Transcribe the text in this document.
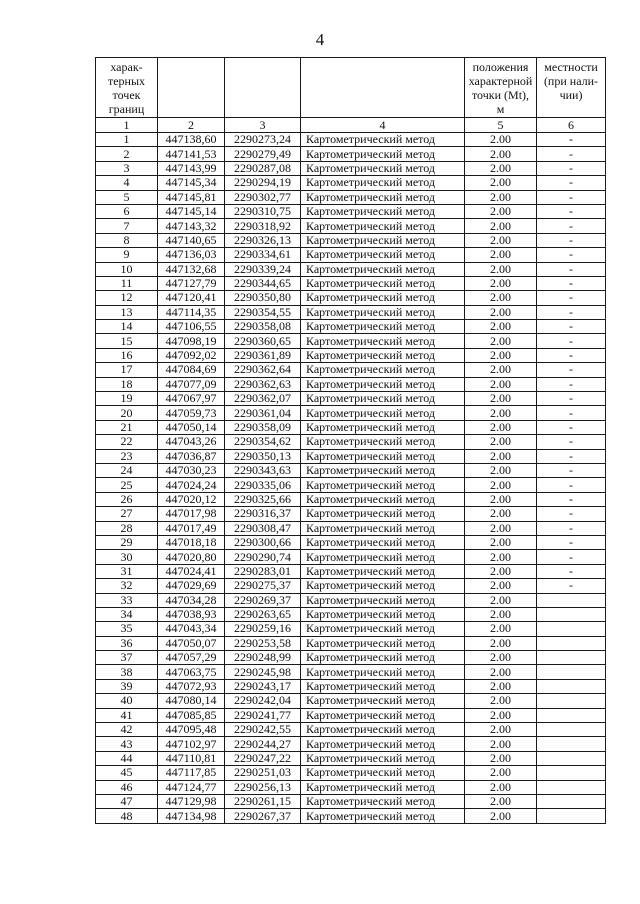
4
харак-терных точек границ				положения характерной точки (Mt), м	местности (при нали-чии)
1	2	3	4	5	6
1	447138,60	2290273,24	Картометрический метод	2.00	-
2	447141,53	2290279,49	Картометрический метод	2.00	-
3	447143,99	2290287,08	Картометрический метод	2.00	-
4	447145,34	2290294,19	Картометрический метод	2.00	-
5	447145,81	2290302,77	Картометрический метод	2.00	-
6	447145,14	2290310,75	Картометрический метод	2.00	-
7	447143,32	2290318,92	Картометрический метод	2.00	-
8	447140,65	2290326,13	Картометрический метод	2.00	-
9	447136,03	2290334,61	Картометрический метод	2.00	-
10	447132,68	2290339,24	Картометрический метод	2.00	-
11	447127,79	2290344,65	Картометрический метод	2.00	-
12	447120,41	2290350,80	Картометрический метод	2.00	-
13	447114,35	2290354,55	Картометрический метод	2.00	-
14	447106,55	2290358,08	Картометрический метод	2.00	-
15	447098,19	2290360,65	Картометрический метод	2.00	-
16	447092,02	2290361,89	Картометрический метод	2.00	-
17	447084,69	2290362,64	Картометрический метод	2.00	-
18	447077,09	2290362,63	Картометрический метод	2.00	-
19	447067,97	2290362,07	Картометрический метод	2.00	-
20	447059,73	2290361,04	Картометрический метод	2.00	-
21	447050,14	2290358,09	Картометрический метод	2.00	-
22	447043,26	2290354,62	Картометрический метод	2.00	-
23	447036,87	2290350,13	Картометрический метод	2.00	-
24	447030,23	2290343,63	Картометрический метод	2.00	-
25	447024,24	2290335,06	Картометрический метод	2.00	-
26	447020,12	2290325,66	Картометрический метод	2.00	-
27	447017,98	2290316,37	Картометрический метод	2.00	-
28	447017,49	2290308,47	Картометрический метод	2.00	-
29	447018,18	2290300,66	Картометрический метод	2.00	-
30	447020,80	2290290,74	Картометрический метод	2.00	-
31	447024,41	2290283,01	Картометрический метод	2.00	-
32	447029,69	2290275,37	Картометрический метод	2.00	-
33	447034,28	2290269,37	Картометрический метод	2.00	
34	447038,93	2290263,65	Картометрический метод	2.00	
35	447043,34	2290259,16	Картометрический метод	2.00	
36	447050,07	2290253,58	Картометрический метод	2.00	
37	447057,29	2290248,99	Картометрический метод	2.00	
38	447063,75	2290245,98	Картометрический метод	2.00	
39	447072,93	2290243,17	Картометрический метод	2.00	
40	447080,14	2290242,04	Картометрический метод	2.00	
41	447085,85	2290241,77	Картометрический метод	2.00	
42	447095,48	2290242,55	Картометрический метод	2.00	
43	447102,97	2290244,27	Картометрический метод	2.00	
44	447110,81	2290247,22	Картометрический метод	2.00	
45	447117,85	2290251,03	Картометрический метод	2.00	
46	447124,77	2290256,13	Картометрический метод	2.00	
47	447129,98	2290261,15	Картометрический метод	2.00	
48	447134,98	2290267,37	Картометрический метод	2.00	
